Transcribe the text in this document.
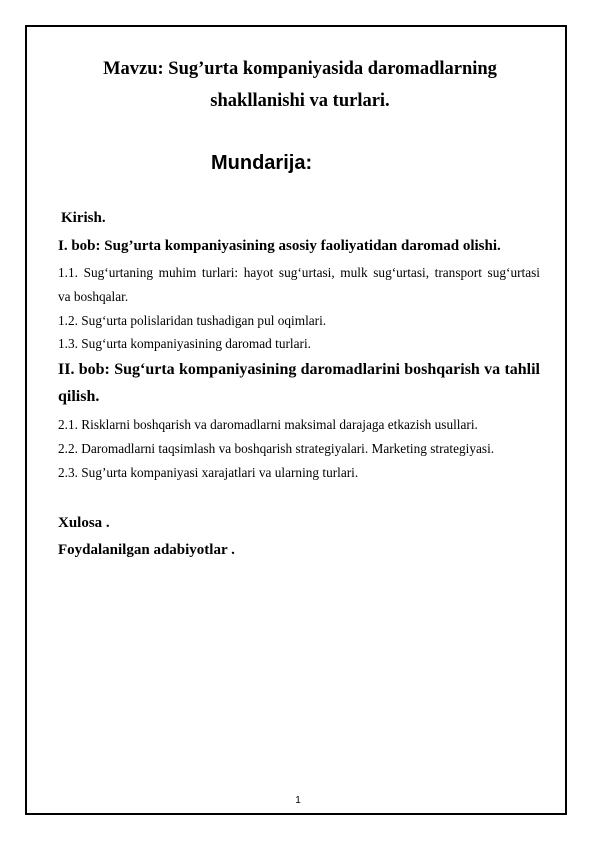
Mavzu: Sug’urta kompaniyasida daromadlarning
shakllanishi va turlari.
Mundarija:
Kirish.
I. bob: Sug’urta kompaniyasining asosiy faoliyatidan daromad olishi.
1.1. Sug‘urtaning muhim turlari: hayot sug‘urtasi, mulk sug‘urtasi, transport sug‘urtasi
va boshqalar.
1.2. Sug‘urta polislaridan tushadigan pul oqimlari.
1.3. Sug‘urta kompaniyasining daromad turlari.
II. bob: Sug‘urta kompaniyasining daromadlarini boshqarish va tahlil
qilish.
2.1. Risklarni boshqarish va daromadlarni maksimal darajaga etkazish usullari.
2.2. Daromadlarni taqsimlash va boshqarish strategiyalari. Marketing strategiyasi.
2.3. Sug’urta kompaniyasi xarajatlari va ularning turlari.
Xulosa .
Foydalanilgan adabiyotlar .
1
